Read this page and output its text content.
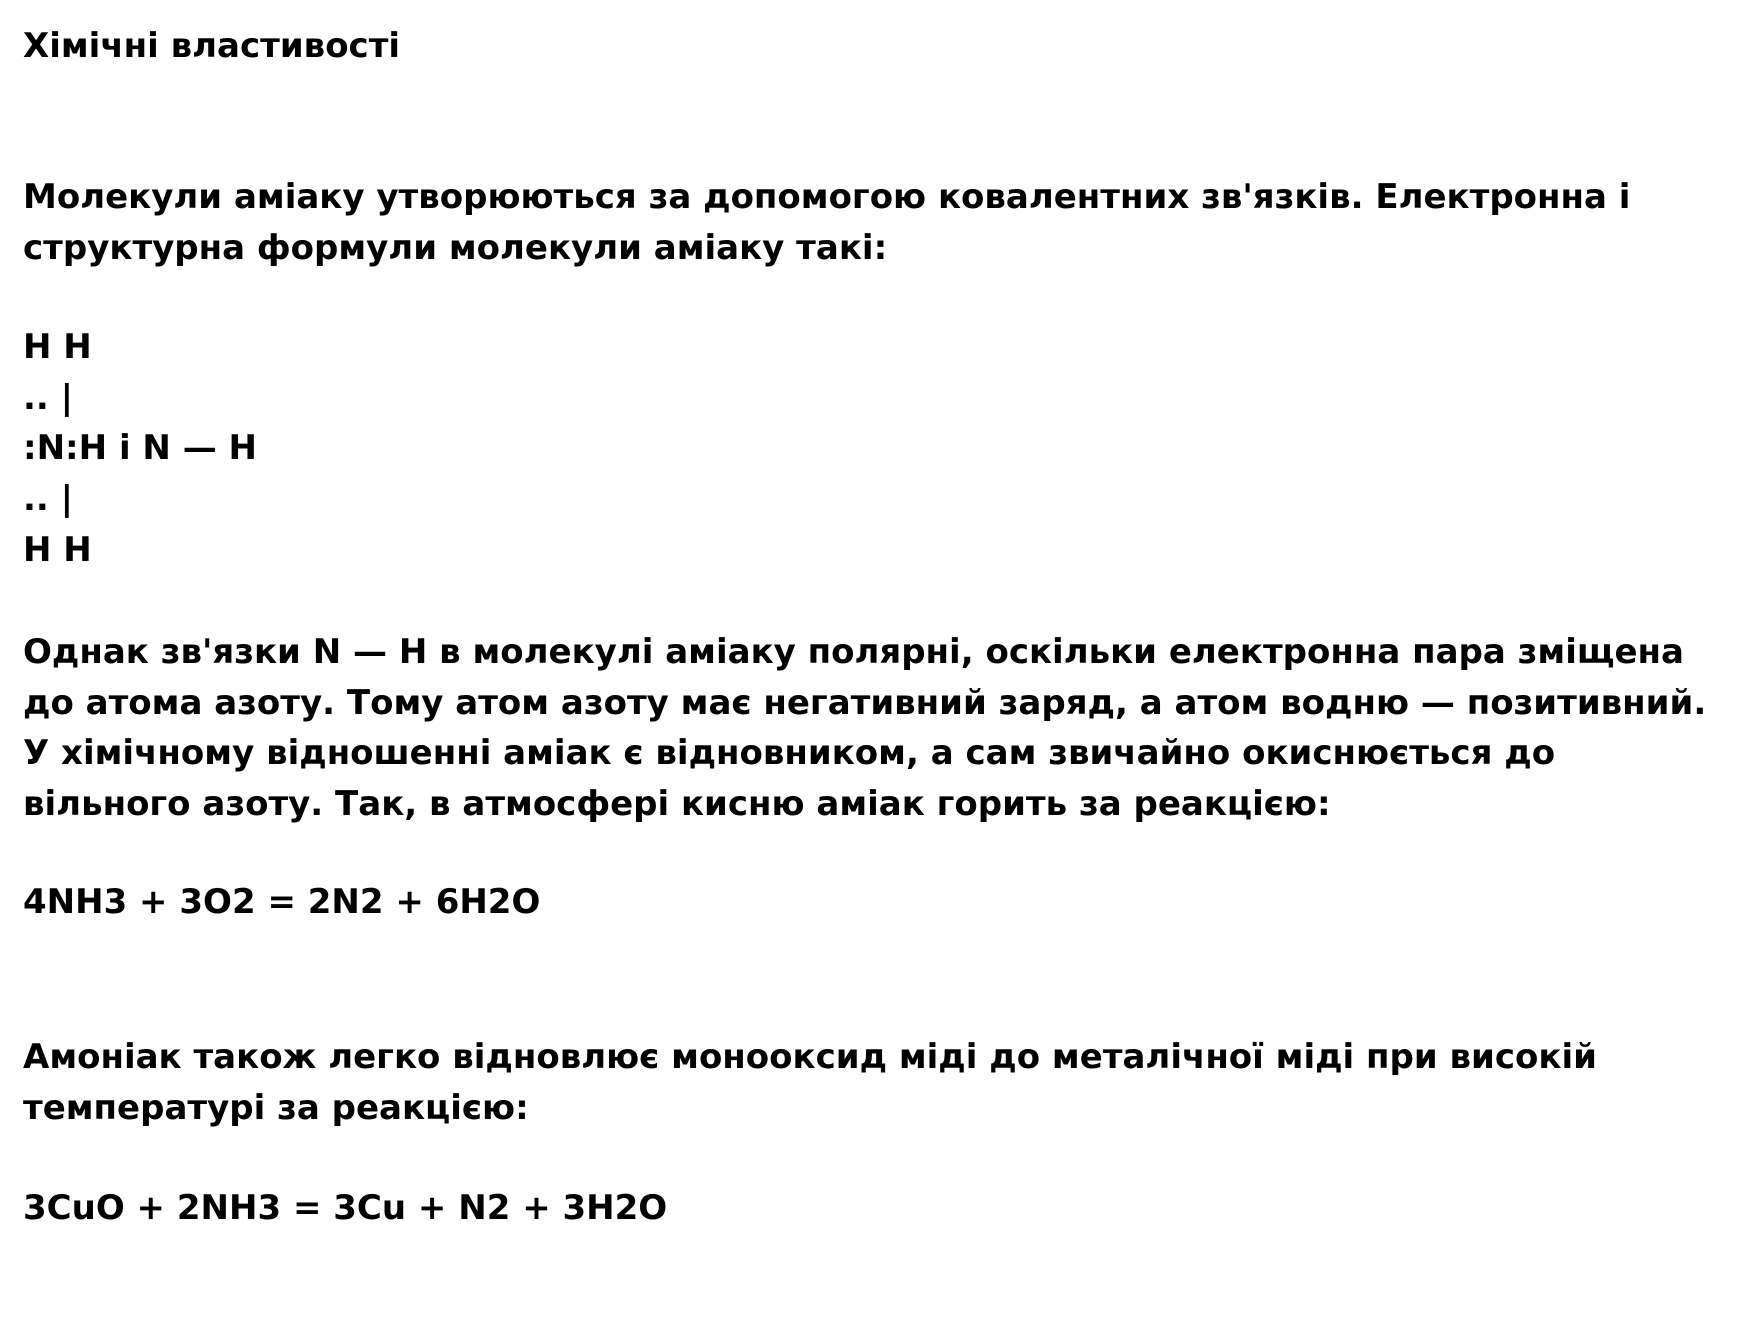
Хімічні властивості
Молекули аміаку утворюються за допомогою ковалентних зв'язків. Електронна і
структурна формули молекули аміаку такі:
H H
.. |
:N:H і N — H
.. |
H H
Однак зв'язки N — H в молекулі аміаку полярні, оскільки електронна пара зміщена
до атома азоту. Тому атом азоту має негативний заряд, а атом водню — позитивний.
У хімічному відношенні аміак є відновником, а сам звичайно окиснюється до
вільного азоту. Так, в атмосфері кисню аміак горить за реакцією:
4NH3 + 3O2 = 2N2 + 6H2O
Амоніак також легко відновлює монооксид міді до металічної міді при високій
температурі за реакцією:
3CuO + 2NH3 = 3Cu + N2 + 3H2O
